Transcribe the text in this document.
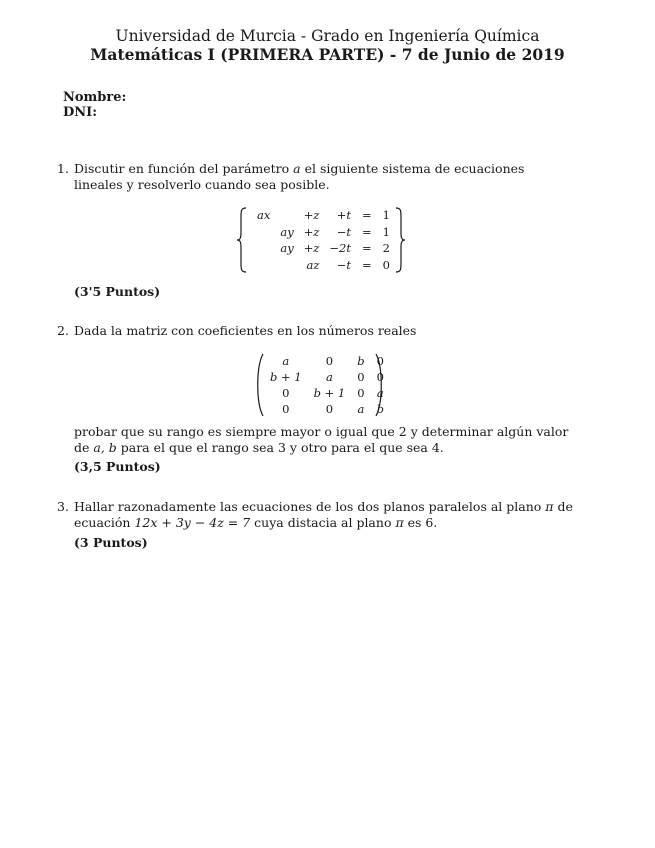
Universidad de Murcia - Grado en Ingeniería Química
Matemáticas I (PRIMERA PARTE) - 7 de Junio de 2019
Nombre:
DNI:
1. Discutir en función del parámetro a el siguiente sistema de ecuaciones lineales y resolverlo cuando sea posible.
ax		+z	+t	=	1
	ay	+z	−t	=	1
	ay	+z	−2t	=	2
		az	−t	=	0
(3'5 Puntos)
2. Dada la matriz con coeficientes en los números reales
a	0	b	0
b + 1	a	0	0
0	b + 1	0	a
0	0	a	b
probar que su rango es siempre mayor o igual que 2 y determinar algún valor de a, b para el que el rango sea 3 y otro para el que sea 4.
(3,5 Puntos)
3. Hallar razonadamente las ecuaciones de los dos planos paralelos al plano π de ecuación 12x + 3y − 4z = 7 cuya distacia al plano π es 6.
(3 Puntos)
